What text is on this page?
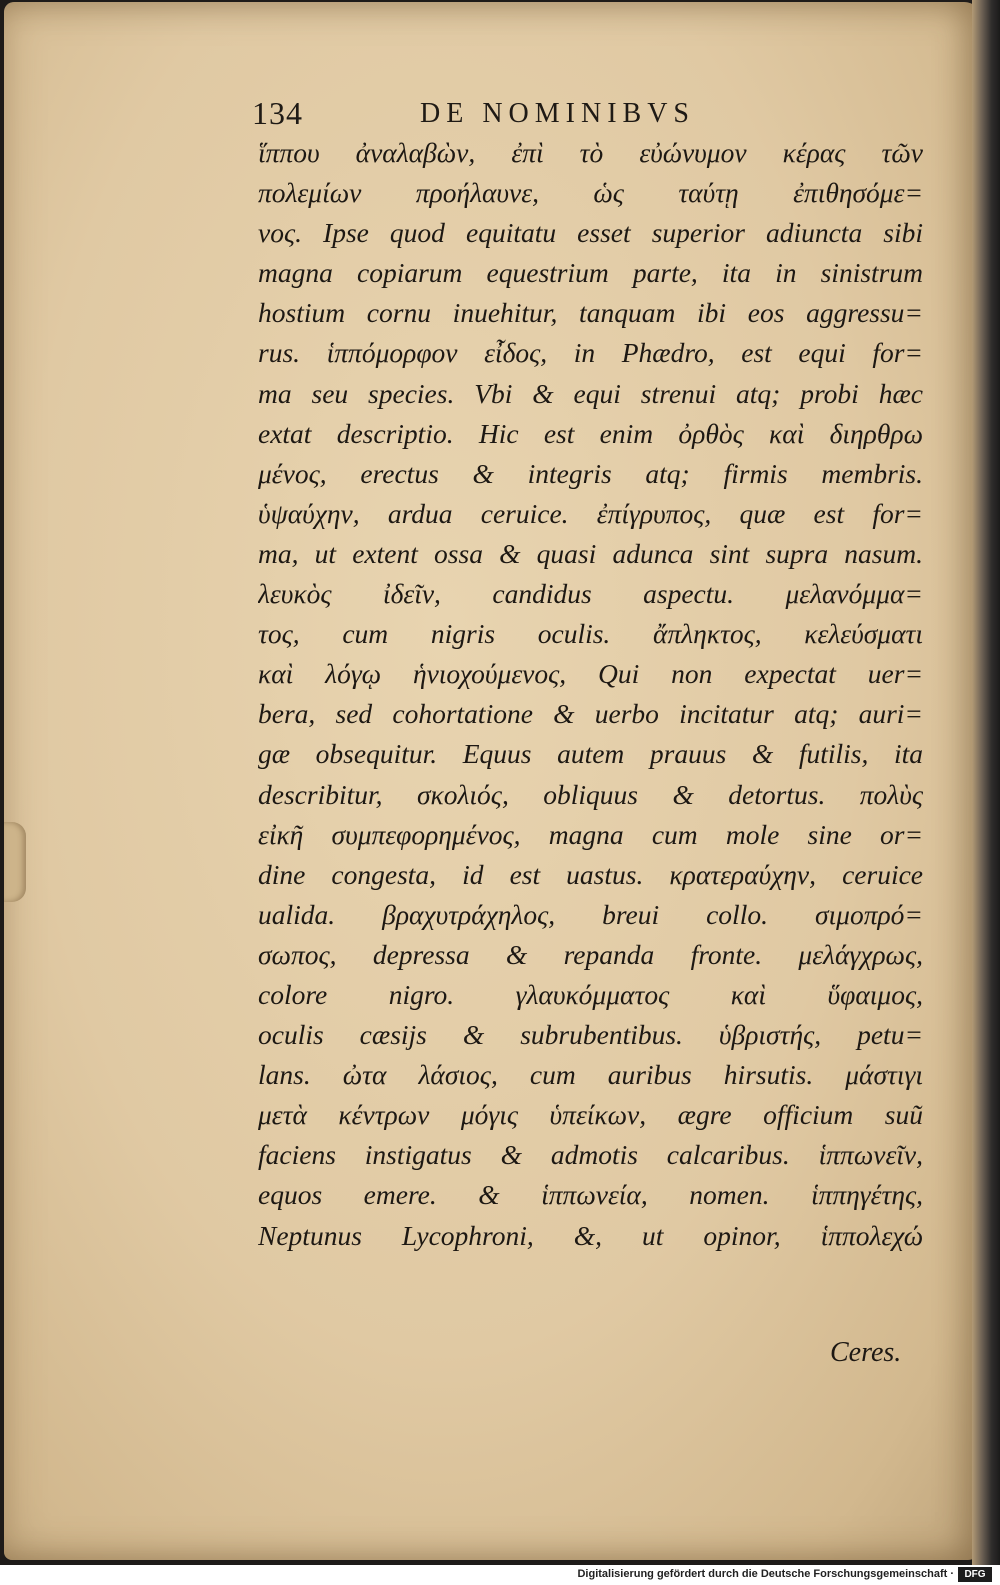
134	DE NOMINIBVS
ἵππου ἀναλαβὼν, ἐπὶ τὸ εὐώνυμον κέρας τῶν
πολεμίων προήλαυνε, ὡς ταύτῃ ἐπιθησόμε=
νος. Ipse quod equitatu esset superior adiuncta sibi
magna copiarum equestrium parte, ita in sinistrum
hostium cornu inuehitur, tanquam ibi eos aggressu=
rus. ἱππόμορφον εἶδος, in Phædro, est equi for=
ma seu species. Vbi & equi strenui atq; probi hæc
extat descriptio. Hic est enim ὀρθὸς καὶ διηρθρω
μένος, erectus & integris atq; firmis membris.
ὑψαύχην, ardua ceruice. ἐπίγρυπος, quæ est for=
ma, ut extent ossa & quasi adunca sint supra nasum.
λευκὸς ἰδεῖν, candidus aspectu. μελανόμμα=
τος, cum nigris oculis. ἄπληκτος, κελεύσματι
καὶ λόγῳ ἡνιοχούμενος, Qui non expectat uer=
bera, sed cohortatione & uerbo incitatur atq; auri=
gæ obsequitur. Equus autem prauus & futilis, ita
describitur, σκολιός, obliquus & detortus. πολὺς
εἰκῆ συμπεφορημένος, magna cum mole sine or=
dine congesta, id est uastus. κρατεραύχην, ceruice
ualida. βραχυτράχηλος, breui collo. σιμοπρό=
σωπος, depressa & repanda fronte. μελάγχρως,
colore nigro. γλαυκόμματος καὶ ὕφαιμος,
oculis cæsijs & subrubentibus. ὑβριστής, petu=
lans. ὠτα λάσιος, cum auribus hirsutis. μάστιγι
μετὰ κέντρων μόγις ὑπείκων, ægre officium suũ
faciens instigatus & admotis calcaribus. ἱππωνεῖν,
equos emere. & ἱππωνεία, nomen. ἱππηγέτης,
Neptunus Lycophroni, &, ut opinor, ἱππολεχώ
Ceres.
Digitalisierung gefördert durch die Deutsche Forschungsgemeinschaft ·	DFG
